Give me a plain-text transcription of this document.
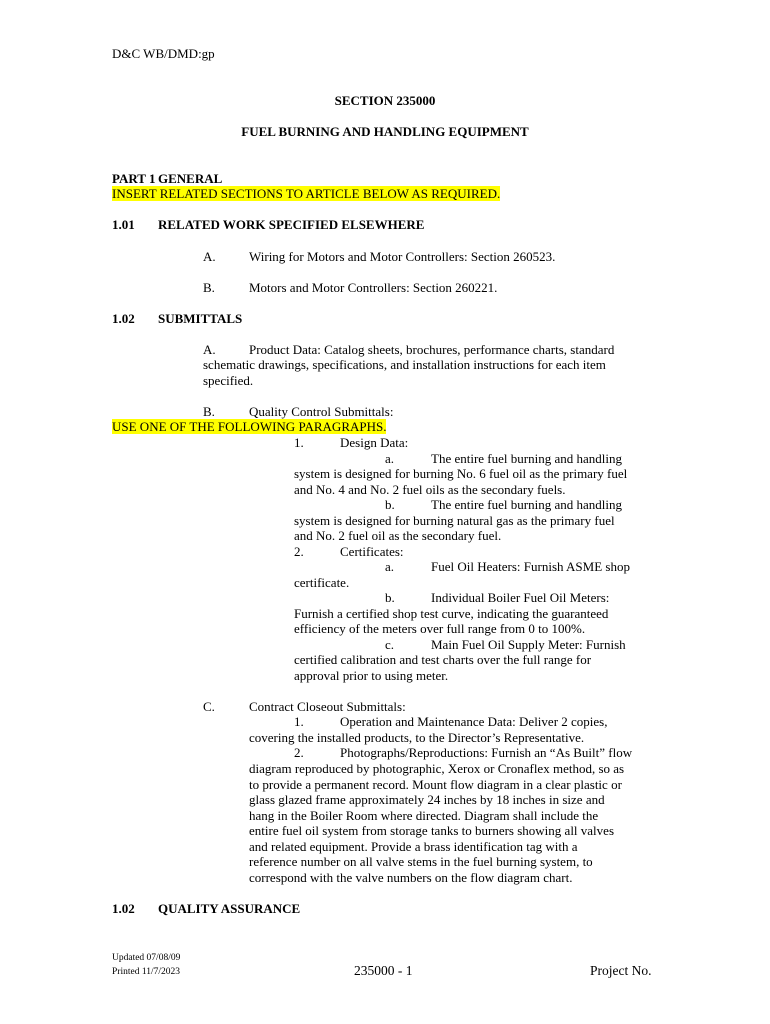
D&C WB/DMD:gp
SECTION 235000
FUEL BURNING AND HANDLING EQUIPMENT
PART 1 GENERAL
INSERT RELATED SECTIONS TO ARTICLE BELOW AS REQUIRED.
1.01 RELATED WORK SPECIFIED ELSEWHERE
A.	Wiring for Motors and Motor Controllers: Section 260523.
B.	Motors and Motor Controllers: Section 260221.
1.02 SUBMITTALS
A.	Product Data: Catalog sheets, brochures, performance charts, standard
schematic drawings, specifications, and installation instructions for each item
specified.
B.	Quality Control Submittals:
USE ONE OF THE FOLLOWING PARAGRAPHS.
1.	Design Data:
a.	The entire fuel burning and handling
system is designed for burning No. 6 fuel oil as the primary fuel
and No. 4 and No. 2 fuel oils as the secondary fuels.
b.	The entire fuel burning and handling
system is designed for burning natural gas as the primary fuel
and No. 2 fuel oil as the secondary fuel.
2.	Certificates:
a.	Fuel Oil Heaters: Furnish ASME shop
certificate.
b.	Individual Boiler Fuel Oil Meters:
Furnish a certified shop test curve, indicating the guaranteed
efficiency of the meters over full range from 0 to 100%.
c.	Main Fuel Oil Supply Meter: Furnish
certified calibration and test charts over the full range for
approval prior to using meter.
C.	Contract Closeout Submittals:
1.	Operation and Maintenance Data: Deliver 2 copies,
covering the installed products, to the Director’s Representative.
2.	Photographs/Reproductions: Furnish an “As Built” flow
diagram reproduced by photographic, Xerox or Cronaflex method, so as
to provide a permanent record. Mount flow diagram in a clear plastic or
glass glazed frame approximately 24 inches by 18 inches in size and
hang in the Boiler Room where directed. Diagram shall include the
entire fuel oil system from storage tanks to burners showing all valves
and related equipment. Provide a brass identification tag with a
reference number on all valve stems in the fuel burning system, to
correspond with the valve numbers on the flow diagram chart.
1.02 QUALITY ASSURANCE
Updated 07/08/09
Printed 11/7/2023	235000 - 1	Project No.
